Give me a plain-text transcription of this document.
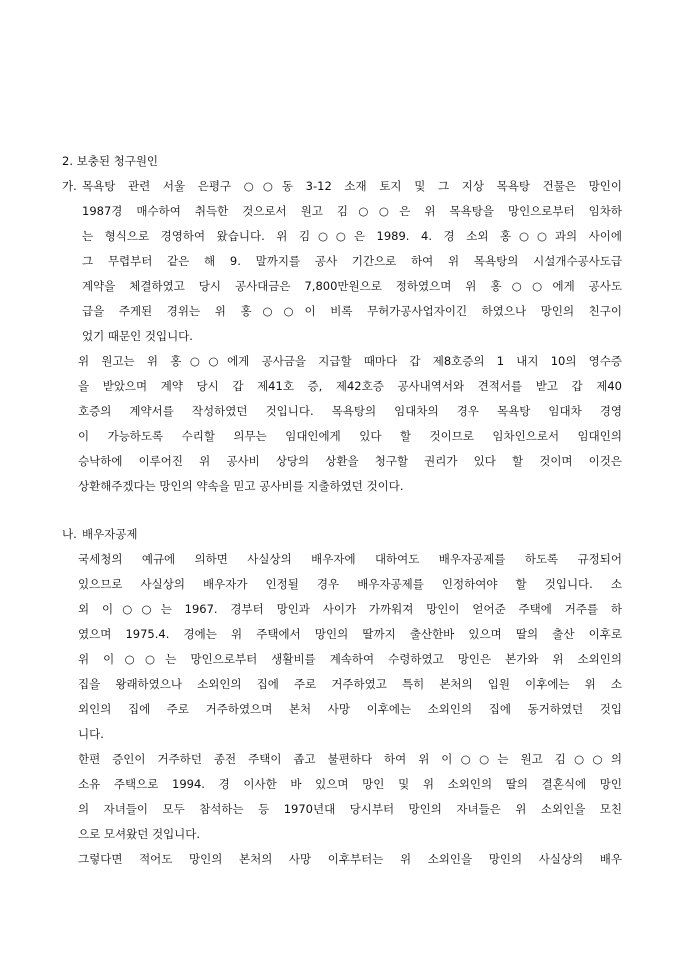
2. 보충된 청구원인
가. 목욕탕 관련 서울 은평구 ○○동 3-12 소재 토지 및 그 지상 목욕탕 건물은 망인이
1987경 매수하여 취득한 것으로서 원고 김○○은 위 목욕탕을 망인으로부터 임차하
는 형식으로 경영하여 왔습니다. 위 김○○은 1989. 4. 경 소외 홍○○과의 사이에
그 무렵부터 같은 해 9. 말까지를 공사 기간으로 하여 위 목욕탕의 시설개수공사도급
계약을 체결하였고 당시 공사대금은 7,800만원으로 정하였으며 위 홍○○에게 공사도
급을 주게된 경위는 위 홍○○이 비록 무허가공사업자이긴 하였으나 망인의 친구이
었기 때문인 것입니다.
위 원고는 위 홍○○에게 공사금을 지급할 때마다 갑 제8호증의 1 내지 10의 영수증
을 받았으며 계약 당시 갑 제41호 증, 제42호증 공사내역서와 견적서를 받고 갑 제40
호증의 계약서를 작성하였던 것입니다. 목욕탕의 임대차의 경우 목욕탕 임대차 경영
이 가능하도록 수리할 의무는 임대인에게 있다 할 것이므로 임차인으로서 임대인의
승낙하에 이루어진 위 공사비 상당의 상환을 청구할 권리가 있다 할 것이며 이것은
상환해주겠다는 망인의 약속을 믿고 공사비를 지출하였던 것이다.
나. 배우자공제
국세청의 예규에 의하면 사실상의 배우자에 대하여도 배우자공제를 하도록 규정되어
있으므로 사실상의 배우자가 인정될 경우 배우자공제를 인정하여야 할 것입니다. 소
외 이○○는 1967. 경부터 망인과 사이가 가까워져 망인이 얻어준 주택에 거주를 하
였으며 1975.4. 경에는 위 주택에서 망인의 딸까지 출산한바 있으며 딸의 출산 이후로
위 이○○는 망인으로부터 생활비를 계속하여 수령하였고 망인은 본가와 위 소외인의
집을 왕래하였으나 소외인의 집에 주로 거주하였고 특히 본처의 입원 이후에는 위 소
외인의 집에 주로 거주하였으며 본처 사망 이후에는 소외인의 집에 동거하였던 것입
니다.
한편 증인이 거주하던 종전 주택이 좁고 불편하다 하여 위 이○○는 원고 김○○의
소유 주택으로 1994. 경 이사한 바 있으며 망인 및 위 소외인의 딸의 결혼식에 망인
의 자녀들이 모두 참석하는 등 1970년대 당시부터 망인의 자녀들은 위 소외인을 모친
으로 모셔왔던 것입니다.
그렇다면 적어도 망인의 본처의 사망 이후부터는 위 소외인을 망인의 사실상의 배우
